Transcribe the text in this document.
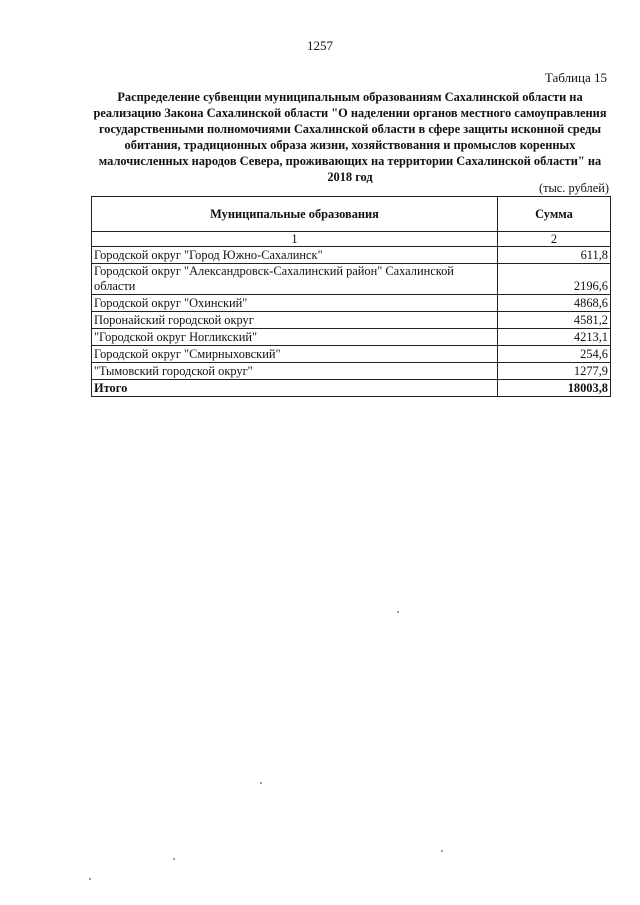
1257
Таблица 15
Распределение субвенции муниципальным образованиям Сахалинской области на реализацию Закона Сахалинской области "О наделении органов местного самоуправления государственными полномочиями Сахалинской области в сфере защиты исконной среды обитания, традиционных образа жизни, хозяйствования и промыслов коренных малочисленных народов Севера, проживающих на территории Сахалинской области" на 2018 год
(тыс. рублей)
Муниципальные образования	Сумма
1	2
Городской округ "Город Южно-Сахалинск"	611,8
Городской округ "Александровск-Сахалинский район" Сахалинской области	2196,6
Городской округ "Охинский"	4868,6
Поронайский городской округ	4581,2
"Городской округ Ногликский"	4213,1
Городской округ "Смирныховский"	254,6
"Тымовский городской округ"	1277,9
Итого	18003,8
